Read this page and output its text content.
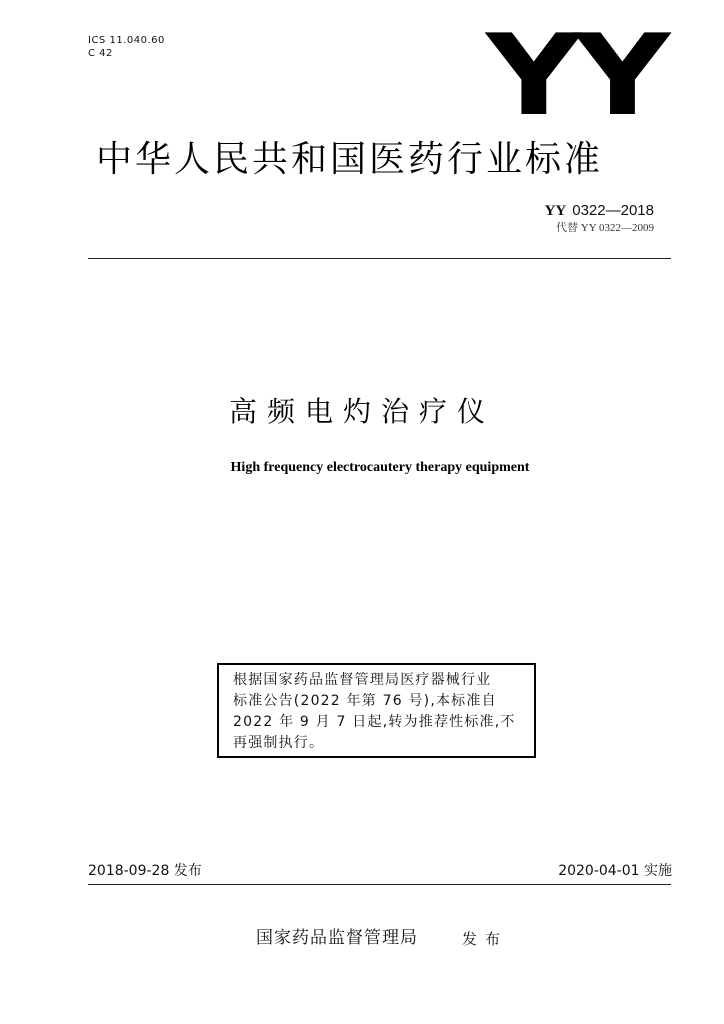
ICS 11.040.60
C 42	YY
中华人民共和国医药行业标准
YY 0322—2018
代替 YY 0322—2009
高频电灼治疗仪
High frequency electrocautery therapy equipment
根据国家药品监督管理局医疗器械行业
标准公告(2022 年第 76 号),本标准自
2022 年 9 月 7 日起,转为推荐性标准,不
再强制执行。
2018-09-28 发布	2020-04-01 实施
国家药品监督管理局	发布
